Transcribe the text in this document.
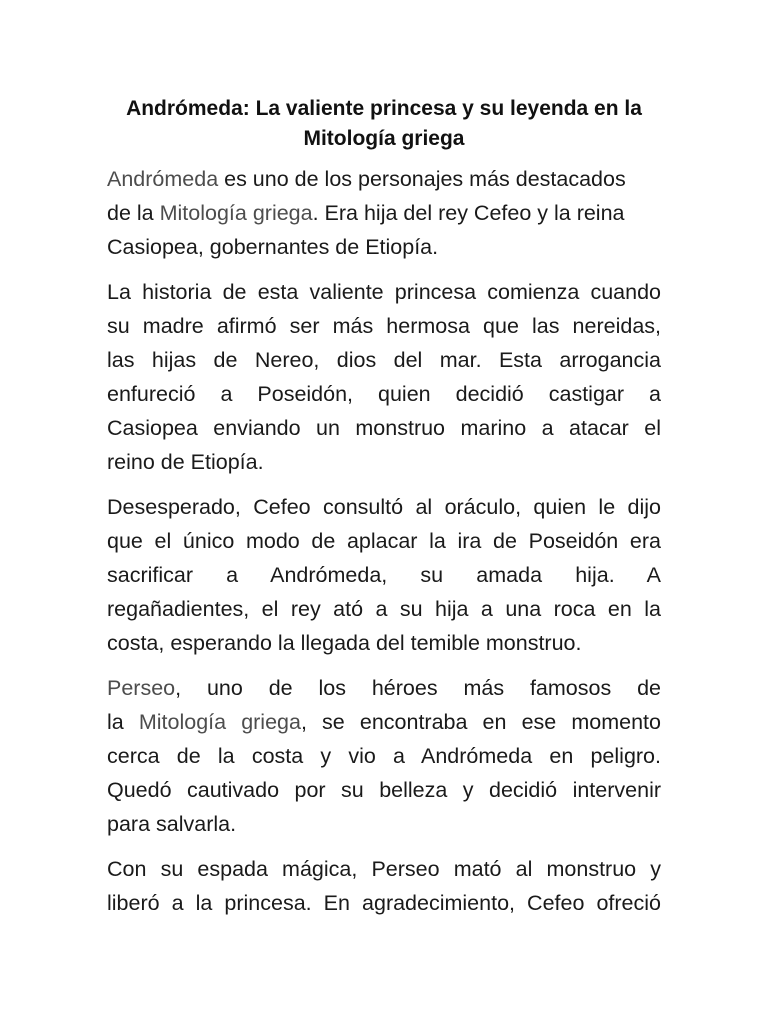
Andrómeda: La valiente princesa y su leyenda en la
Mitología griega

Andrómeda es uno de los personajes más destacados
de la Mitología griega. Era hija del rey Cefeo y la reina
Casiopea, gobernantes de Etiopía.

La historia de esta valiente princesa comienza cuando
su madre afirmó ser más hermosa que las nereidas,
las hijas de Nereo, dios del mar. Esta arrogancia
enfureció a Poseidón, quien decidió castigar a
Casiopea enviando un monstruo marino a atacar el
reino de Etiopía.

Desesperado, Cefeo consultó al oráculo, quien le dijo
que el único modo de aplacar la ira de Poseidón era
sacrificar a Andrómeda, su amada hija. A
regañadientes, el rey ató a su hija a una roca en la
costa, esperando la llegada del temible monstruo.

Perseo, uno de los héroes más famosos de
la Mitología griega, se encontraba en ese momento
cerca de la costa y vio a Andrómeda en peligro.
Quedó cautivado por su belleza y decidió intervenir
para salvarla.

Con su espada mágica, Perseo mató al monstruo y
liberó a la princesa. En agradecimiento, Cefeo ofreció
